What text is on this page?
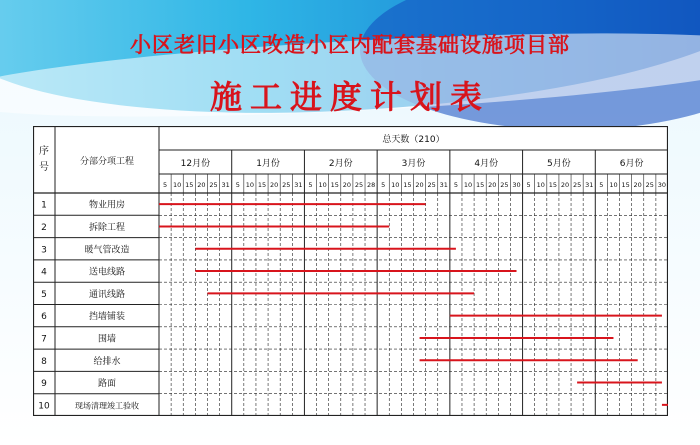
小区老旧小区改造小区内配套基础设施项目部
施工进度计划表
序
号	分部分项工程
总天数（210）
12月份	1月份	2月份	3月份	4月份	5月份	6月份
5 10 15 20 25 31 5 10 15 20 25 31 5 10 15 20 25 28 5 10 15 20 25 31 5 10 15 20 25 30 5 10 15 20 25 31 5 10 15 20 25 30
1	物业用房
2	拆除工程
3	暖气管改造
4	送电线路
5	通讯线路
6	挡墙铺装
7	围墙
8	给排水
9	路面
10	现场清理竣工验收
